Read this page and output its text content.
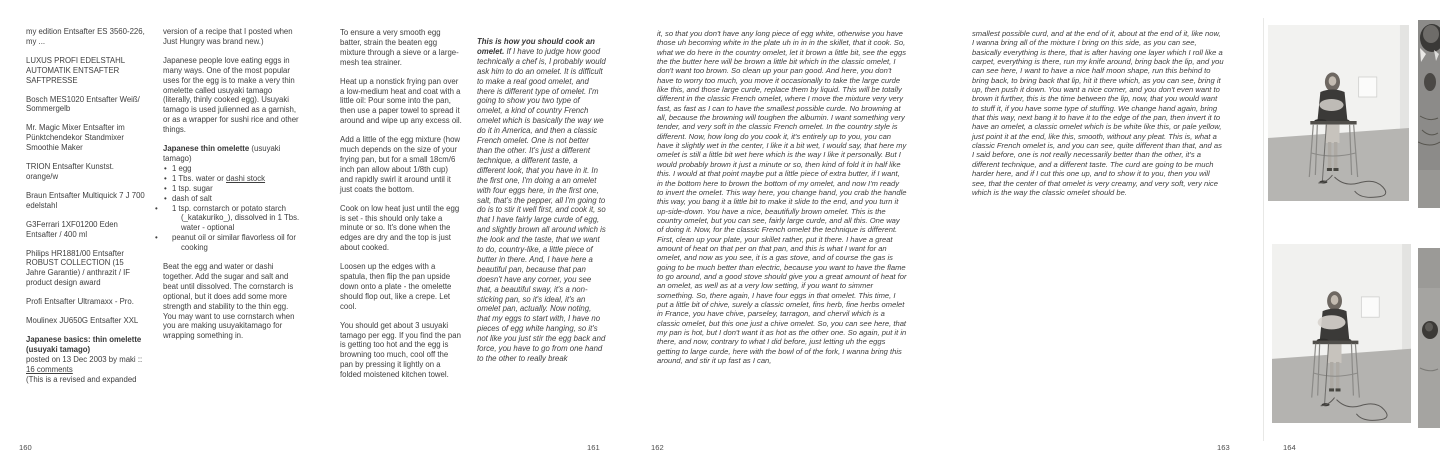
my edition Entsafter ES 3560-226, my ...

LUXUS PROFI EDELSTAHL AUTOMATIK ENTSAFTER SAFTPRESSE

Bosch MES1020 Entsafter Weiß/ Sommergelb

Mr. Magic Mixer Entsafter im Pünktchendekor Standmixer Smoothie Maker

TRION Entsafter Kunstst. orange/w

Braun Entsafter Multiquick 7 J 700 edelstahl

G3Ferrari 1XF01200 Eden Entsafter / 400 ml

Philips HR1881/00 Entsafter ROBUST COLLECTION (15 Jahre Garantie) / anthrazit / IF product design award

Profi Entsafter Ultramaxx - Pro.

Moulinex JU650G Entsafter XXL

Japanese basics: thin omelette (usuyaki tamago)

posted on 13 Dec 2003 by maki ::

16 comments

(This is a revised and expanded

version of a recipe that I posted when Just Hungry was brand new.)

Japanese people love eating eggs in many ways. One of the most popular uses for the egg is to make a very thin omelette called usuyaki tamago (literally, thinly cooked egg). Usuyaki tamago is used julienned as a garnish, or as a wrapper for sushi rice and other things.

Japanese thin omelette (usuyaki tamago)

• 1 egg
• 1 Tbs. water or dashi stock
• 1 tsp. sugar
• dash of salt
• 1 tsp. cornstarch or potato starch (_katakuriko_), dissolved in 1 Tbs. water - optional
• peanut oil or similar flavorless oil for cooking

Beat the egg and water or dashi together. Add the sugar and salt and beat until dissolved. The cornstarch is optional, but it does add some more strength and stability to the thin egg. You may want to use cornstarch when you are making usuyakitamago for wrapping something in.

To ensure a very smooth egg batter, strain the beaten egg mixture through a sieve or a large-mesh tea strainer.

Heat up a nonstick frying pan over a low-medium heat and coat with a little oil: Pour some into the pan, then use a paper towel to spread it around and wipe up any excess oil.

Add a little of the egg mixture (how much depends on the size of your frying pan, but for a small 18cm/6 inch pan allow about 1/8th cup) and rapidly swirl it around until it just coats the bottom.

Cook on low heat just until the egg is set - this should only take a minute or so. It's done when the edges are dry and the top is just about cooked.

Loosen up the edges with a spatula, then flip the pan upside down onto a plate - the omelette should flop out, like a crepe. Let cool.

You should get about 3 usuyaki tamago per egg. If you find the pan is getting too hot and the egg is browning too much, cool off the pan by pressing it lightly on a folded moistened kitchen towel.

This is how you should cook an omelet. If I have to judge how good technically a chef is, I probably would ask him to do an omelet. It is difficult to make a real good omelet, and there is different type of omelet. I'm going to show you two type of omelet, a kind of country French omelet which is basically the way we do it in America, and then a classic French omelet. One is not better than the other. It's just a different technique, a different taste, a different look, that you have in it. In the first one, I'm doing a an omelet with four eggs here, in the first one, salt, that's the pepper, all I'm going to do is to stir it well first, and cook it, so that I have fairly large curde of egg, and slightly brown all around which is the look and the taste, that we want to do, country-like, a little piece of butter in there. And, I have here a beautiful pan, because that pan doesn't have any corner, you see that, a beautiful sway, it's a non-sticking pan, so it's ideal, it's an omelet pan, actually. Now noting, that my eggs to start with, I have no pieces of egg white hanging, so it's not like you just stir the egg back and force, you have to go from one hand to the other to really break

it, so that you don't have any long piece of egg white, otherwise you have those uh becoming white in the plate uh in in in the skillet, that it cook. So, what we do here in the country omelet, let it brown a little bit, see the eggs the the butter here will be brown a little bit which in the classic omelet, I don't want too brown. So clean up your pan good. And here, you don't have to worry too much, you move it occasionally to take the large curde like this, and those large curde, replace them by liquid. This will be totally different in the classic French omelet, where I move the mixture very very fast, as fast as I can to have the smallest possible curde. No browning at all, because the browning will toughen the albumin. I want something very tender, and very soft in the classic French omelet. In the country style is different. Now, how long do you cook it, it's entirely up to you, you can have it slightly wet in the center, I like it a bit wet, I would say, that here my omelet is still a little bit wet here which is the way I like it personally. But I would probably brown it just a minute or so, then kind of fold it in half like this. I would at that point maybe put a little piece of extra butter, if I want, in the bottom here to brown the bottom of my omelet, and now I'm ready to invert the omelet. This way here, you change hand, you crab the handle this way, you bang it a little bit to make it slide to the end, and you turn it up-side-down. You have a nice, beautifully brown omelet. This is the country omelet, but you can see, fairly large curde, and all this. One way of doing it. Now, for the classic French omelet the technique is different. First, clean up your plate, your skillet rather, put it there. I have a great amount of heat on that per on that pan, and this is what I want for an omelet, and now as you see, it is a gas stove, and of course the gas is going to be much better than electric, because you want to have the flame to go around, and a good stove should give you a great amount of heat for an omelet, as well as at a very low setting, if you want to simmer something. So, there again, I have four eggs in that omelet. This time, I put a little bit of chive, surely a classic omelet, fins herb, fine herbs omelet in France, you have chive, parseley, tarragon, and chervil which is a classic omelet, but this one just a chive omelet. So, you can see here, that my pan is hot, but I don't want it as hot as the other one. So again, put it in there, and now, contrary to what I did before, just letting uh the eggs getting to large curde, here with the bowl of of the fork, I wanna bring this around, and stir it up fast as I can,

smallest possible curd, and at the end of it, about at the end of it, like now, I wanna bring all of the mixture I bring on this side, as you can see, basically everything is there, that is after having one layer which I roll like a carpet, everything is there, run my knife around, bring back the lip, and you can see here, I want to have a nice half moon shape, run this behind to bring back, to bring back that lip, hit it there which, as you can see, bring it up, then push it down. You want a nice corner, and you don't even want to brown it further, this is the time between the lip, now, that you would want to stuff it, if you have some type of stuffing. We change hand again, bring that this way, next bang it to have it to the edge of the pan, then invert it to have an omelet, a classic omelet which is be white like this, or pale yellow, just point it at the end, like this, smooth, without any pleat. This is, what a classic French omelet is, and you can see, quite different than that, and as I said before, one is not really necessarily better than the other, it's a different technique, and a different taste. The curd are going to be much harder here, and if I cut this one up, and to show it to you, then you will see, that the center of that omelet is very creamy, and very soft, very nice which is the way the classic omelet should be.

160	161	162	163	164
